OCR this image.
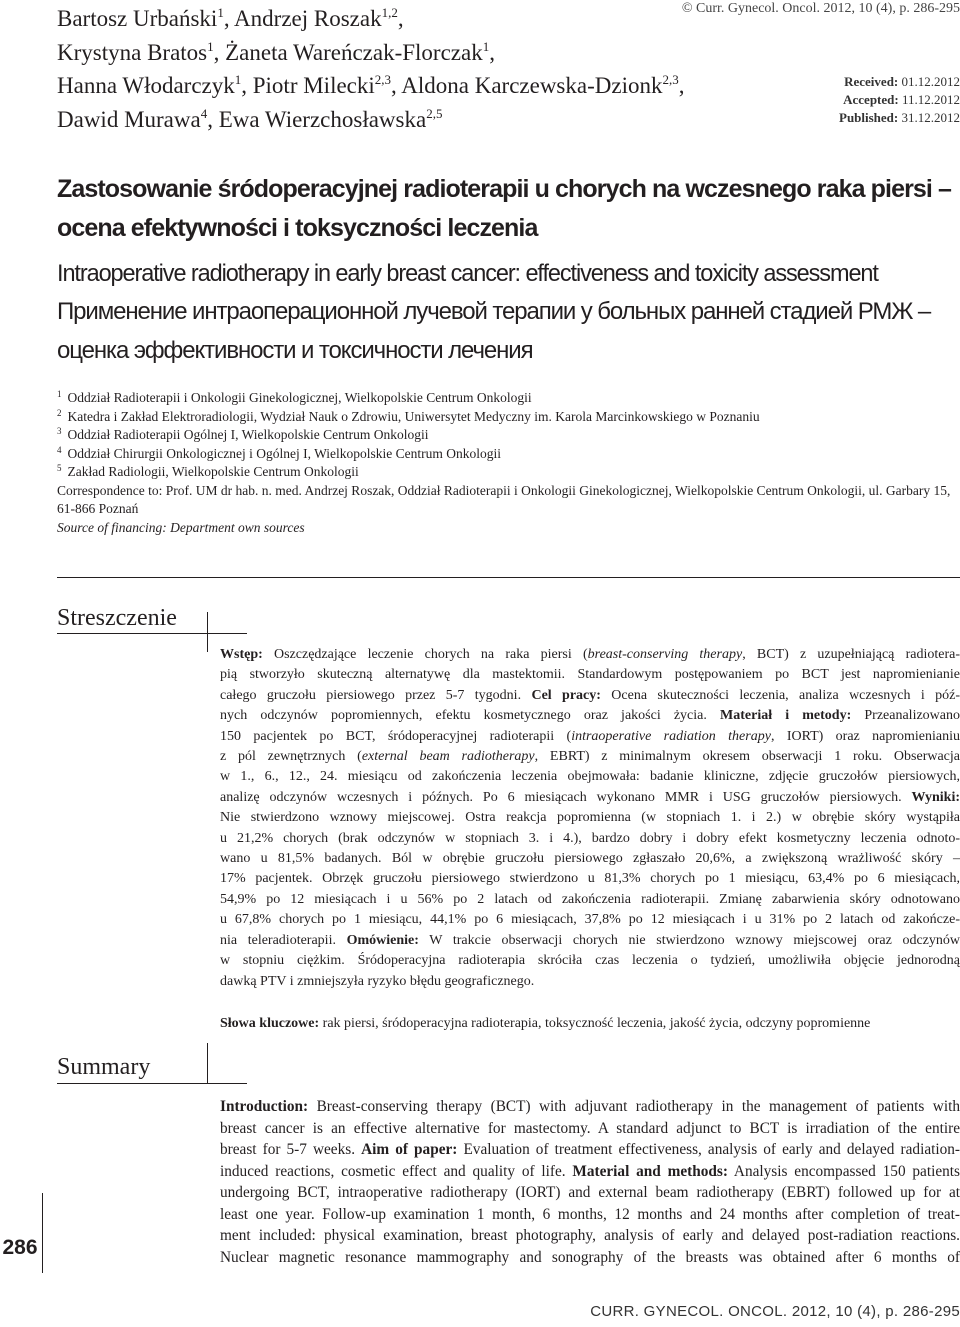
Bartosz Urbański$^1$, Andrzej Roszak$^{1,2}$,
Krystyna Bratos$^1$, Żaneta Wareńczak-Florczak$^1$,
Hanna Włodarczyk$^1$, Piotr Milecki$^{2,3}$, Aldona Karczewska-Dzionk$^{2,3}$,
Dawid Murawa$^4$, Ewa Wierzchosławska$^{2,5}$
© Curr. Gynecol. Oncol. 2012, 10 (4), p. 286-295
Received: 01.12.2012
Accepted: 11.12.2012
Published: 31.12.2012
Zastosowanie śródoperacyjnej radioterapii u chorych na wczesnego raka piersi –
ocena efektywności i toksyczności leczenia
Intraoperative radiotherapy in early breast cancer: effectiveness and toxicity assessment
Применение интраоперационной лучевой терапии у больных ранней стадией РМЖ –
оценка эффективности и токсичности лечения
$^1$ Oddział Radioterapii i Onkologii Ginekologicznej, Wielkopolskie Centrum Onkologii
$^2$ Katedra i Zakład Elektroradiologii, Wydział Nauk o Zdrowiu, Uniwersytet Medyczny im. Karola Marcinkowskiego w Poznaniu
$^3$ Oddział Radioterapii Ogólnej I, Wielkopolskie Centrum Onkologii
$^4$ Oddział Chirurgii Onkologicznej i Ogólnej I, Wielkopolskie Centrum Onkologii
$^5$ Zakład Radiologii, Wielkopolskie Centrum Onkologii
Correspondence to: Prof. UM dr hab. n. med. Andrzej Roszak, Oddział Radioterapii i Onkologii Ginekologicznej, Wielkopolskie Centrum Onkologii, ul. Garbary 15, 61-866 Poznań
Source of financing: Department own sources
Streszczenie
Wstęp: Oszczędzające leczenie chorych na raka piersi (breast-conserving therapy, BCT) z uzupełniającą radiotera-
pią stworzyło skuteczną alternatywę dla mastektomii. Standardowym postępowaniem po BCT jest napromienianie
całego gruczołu piersiowego przez 5-7 tygodni. Cel pracy: Ocena skuteczności leczenia, analiza wczesnych i póź-
nych odczynów popromiennych, efektu kosmetycznego oraz jakości życia. Materiał i metody: Przeanalizowano
150 pacjentek po BCT, śródoperacyjnej radioterapii (intraoperative radiation therapy, IORT) oraz napromienianiu
z pól zewnętrznych (external beam radiotherapy, EBRT) z minimalnym okresem obserwacji 1 roku. Obserwacja
w 1., 6., 12., 24. miesiącu od zakończenia leczenia obejmowała: badanie kliniczne, zdjęcie gruczołów piersiowych,
analizę odczynów wczesnych i późnych. Po 6 miesiącach wykonano MMR i USG gruczołów piersiowych. Wyniki:
Nie stwierdzono wznowy miejscowej. Ostra reakcja popromienna (w stopniach 1. i 2.) w obrębie skóry wystąpiła
u 21,2% chorych (brak odczynów w stopniach 3. i 4.), bardzo dobry i dobry efekt kosmetyczny leczenia odnoto-
wano u 81,5% badanych. Ból w obrębie gruczołu piersiowego zgłaszało 20,6%, a zwiększoną wrażliwość skóry –
17% pacjentek. Obrzęk gruczołu piersiowego stwierdzono u 81,3% chorych po 1 miesiącu, 63,4% po 6 miesiącach,
54,9% po 12 miesiącach i u 56% po 2 latach od zakończenia radioterapii. Zmianę zabarwienia skóry odnotowano
u 67,8% chorych po 1 miesiącu, 44,1% po 6 miesiącach, 37,8% po 12 miesiącach i u 31% po 2 latach od zakończe-
nia teleradioterapii. Omówienie: W trakcie obserwacji chorych nie stwierdzono wznowy miejscowej oraz odczynów
w stopniu ciężkim. Śródoperacyjna radioterapia skróciła czas leczenia o tydzień, umożliwiła objęcie jednorodną
dawką PTV i zmniejszyła ryzyko błędu geograficznego.
Słowa kluczowe: rak piersi, śródoperacyjna radioterapia, toksyczność leczenia, jakość życia, odczyny popromienne
Summary
Introduction: Breast-conserving therapy (BCT) with adjuvant radiotherapy in the management of patients with
breast cancer is an effective alternative for mastectomy. A standard adjunct to BCT is irradiation of the entire
breast for 5-7 weeks. Aim of paper: Evaluation of treatment effectiveness, analysis of early and delayed radiation-
induced reactions, cosmetic effect and quality of life. Material and methods: Analysis encompassed 150 patients
undergoing BCT, intraoperative radiotherapy (IORT) and external beam radiotherapy (EBRT) followed up for at
least one year. Follow-up examination 1 month, 6 months, 12 months and 24 months after completion of treat-
ment included: physical examination, breast photography, analysis of early and delayed post-radiation reactions.
Nuclear magnetic resonance mammography and sonography of the breasts was obtained after 6 months of
286
CURR. GYNECOL. ONCOL. 2012, 10 (4), p. 286-295
